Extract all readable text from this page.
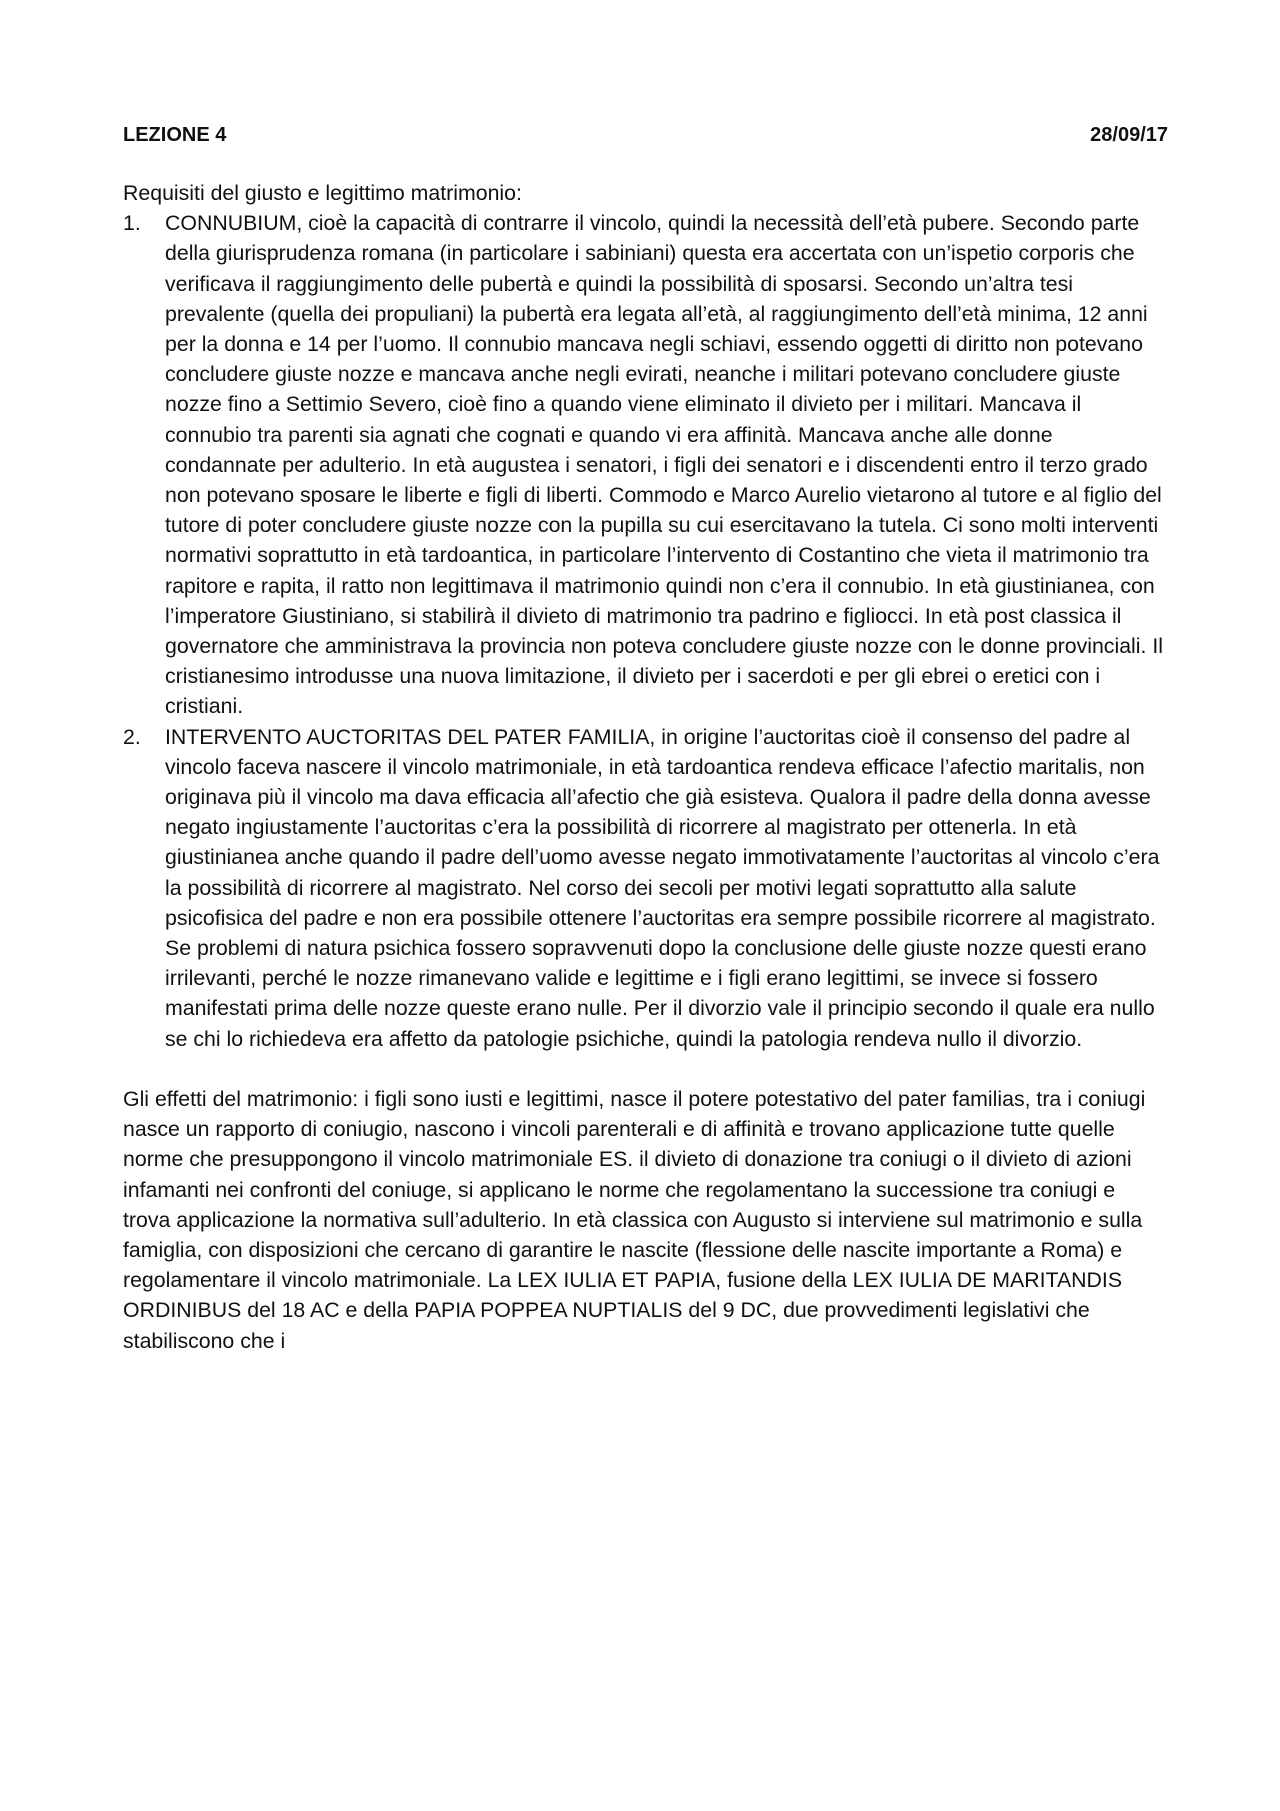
LEZIONE 4	28/09/17

Requisiti del giusto e legittimo matrimonio:

1. CONNUBIUM, cioè la capacità di contrarre il vincolo, quindi la necessità dell’età pubere. Secondo parte della giurisprudenza romana (in particolare i sabiniani) questa era accertata con un’ispetio corporis che verificava il raggiungimento delle pubertà e quindi la possibilità di sposarsi. Secondo un’altra tesi prevalente (quella dei propuliani) la pubertà era legata all’età, al raggiungimento dell’età minima, 12 anni per la donna e 14 per l’uomo. Il connubio mancava negli schiavi, essendo oggetti di diritto non potevano concludere giuste nozze e mancava anche negli evirati, neanche i militari potevano concludere giuste nozze fino a Settimio Severo, cioè fino a quando viene eliminato il divieto per i militari. Mancava il connubio tra parenti sia agnati che cognati e quando vi era affinità. Mancava anche alle donne condannate per adulterio. In età augustea i senatori, i figli dei senatori e i discendenti entro il terzo grado non potevano sposare le liberte e figli di liberti. Commodo e Marco Aurelio vietarono al tutore e al figlio del tutore di poter concludere giuste nozze con la pupilla su cui esercitavano la tutela. Ci sono molti interventi normativi soprattutto in età tardoantica, in particolare l’intervento di Costantino che vieta il matrimonio tra rapitore e rapita, il ratto non legittimava il matrimonio quindi non c’era il connubio. In età giustinianea, con l’imperatore Giustiniano, si stabilirà il divieto di matrimonio tra padrino e figliocci. In età post classica il governatore che amministrava la provincia non poteva concludere giuste nozze con le donne provinciali. Il cristianesimo introdusse una nuova limitazione, il divieto per i sacerdoti e per gli ebrei o eretici con i cristiani.
2. INTERVENTO AUCTORITAS DEL PATER FAMILIA, in origine l’auctoritas cioè il consenso del padre al vincolo faceva nascere il vincolo matrimoniale, in età tardoantica rendeva efficace l’afectio maritalis, non originava più il vincolo ma dava efficacia all’afectio che già esisteva. Qualora il padre della donna avesse negato ingiustamente l’auctoritas c’era la possibilità di ricorrere al magistrato per ottenerla. In età giustinianea anche quando il padre dell’uomo avesse negato immotivatamente l’auctoritas al vincolo c’era la possibilità di ricorrere al magistrato. Nel corso dei secoli per motivi legati soprattutto alla salute psicofisica del padre e non era possibile ottenere l’auctoritas era sempre possibile ricorrere al magistrato. Se problemi di natura psichica fossero sopravvenuti dopo la conclusione delle giuste nozze questi erano irrilevanti, perché le nozze rimanevano valide e legittime e i figli erano legittimi, se invece si fossero manifestati prima delle nozze queste erano nulle. Per il divorzio vale il principio secondo il quale era nullo se chi lo richiedeva era affetto da patologie psichiche, quindi la patologia rendeva nullo il divorzio.

Gli effetti del matrimonio: i figli sono iusti e legittimi, nasce il potere potestativo del pater familias, tra i coniugi nasce un rapporto di coniugio, nascono i vincoli parenterali e di affinità e trovano applicazione tutte quelle norme che presuppongono il vincolo matrimoniale ES. il divieto di donazione tra coniugi o il divieto di azioni infamanti nei confronti del coniuge, si applicano le norme che regolamentano la successione tra coniugi e trova applicazione la normativa sull’adulterio. In età classica con Augusto si interviene sul matrimonio e sulla famiglia, con disposizioni che cercano di garantire le nascite (flessione delle nascite importante a Roma) e regolamentare il vincolo matrimoniale. La LEX IULIA ET PAPIA, fusione della LEX IULIA DE MARITANDIS ORDINIBUS del 18 AC e della PAPIA POPPEA NUPTIALIS del 9 DC, due provvedimenti legislativi che stabiliscono che i
